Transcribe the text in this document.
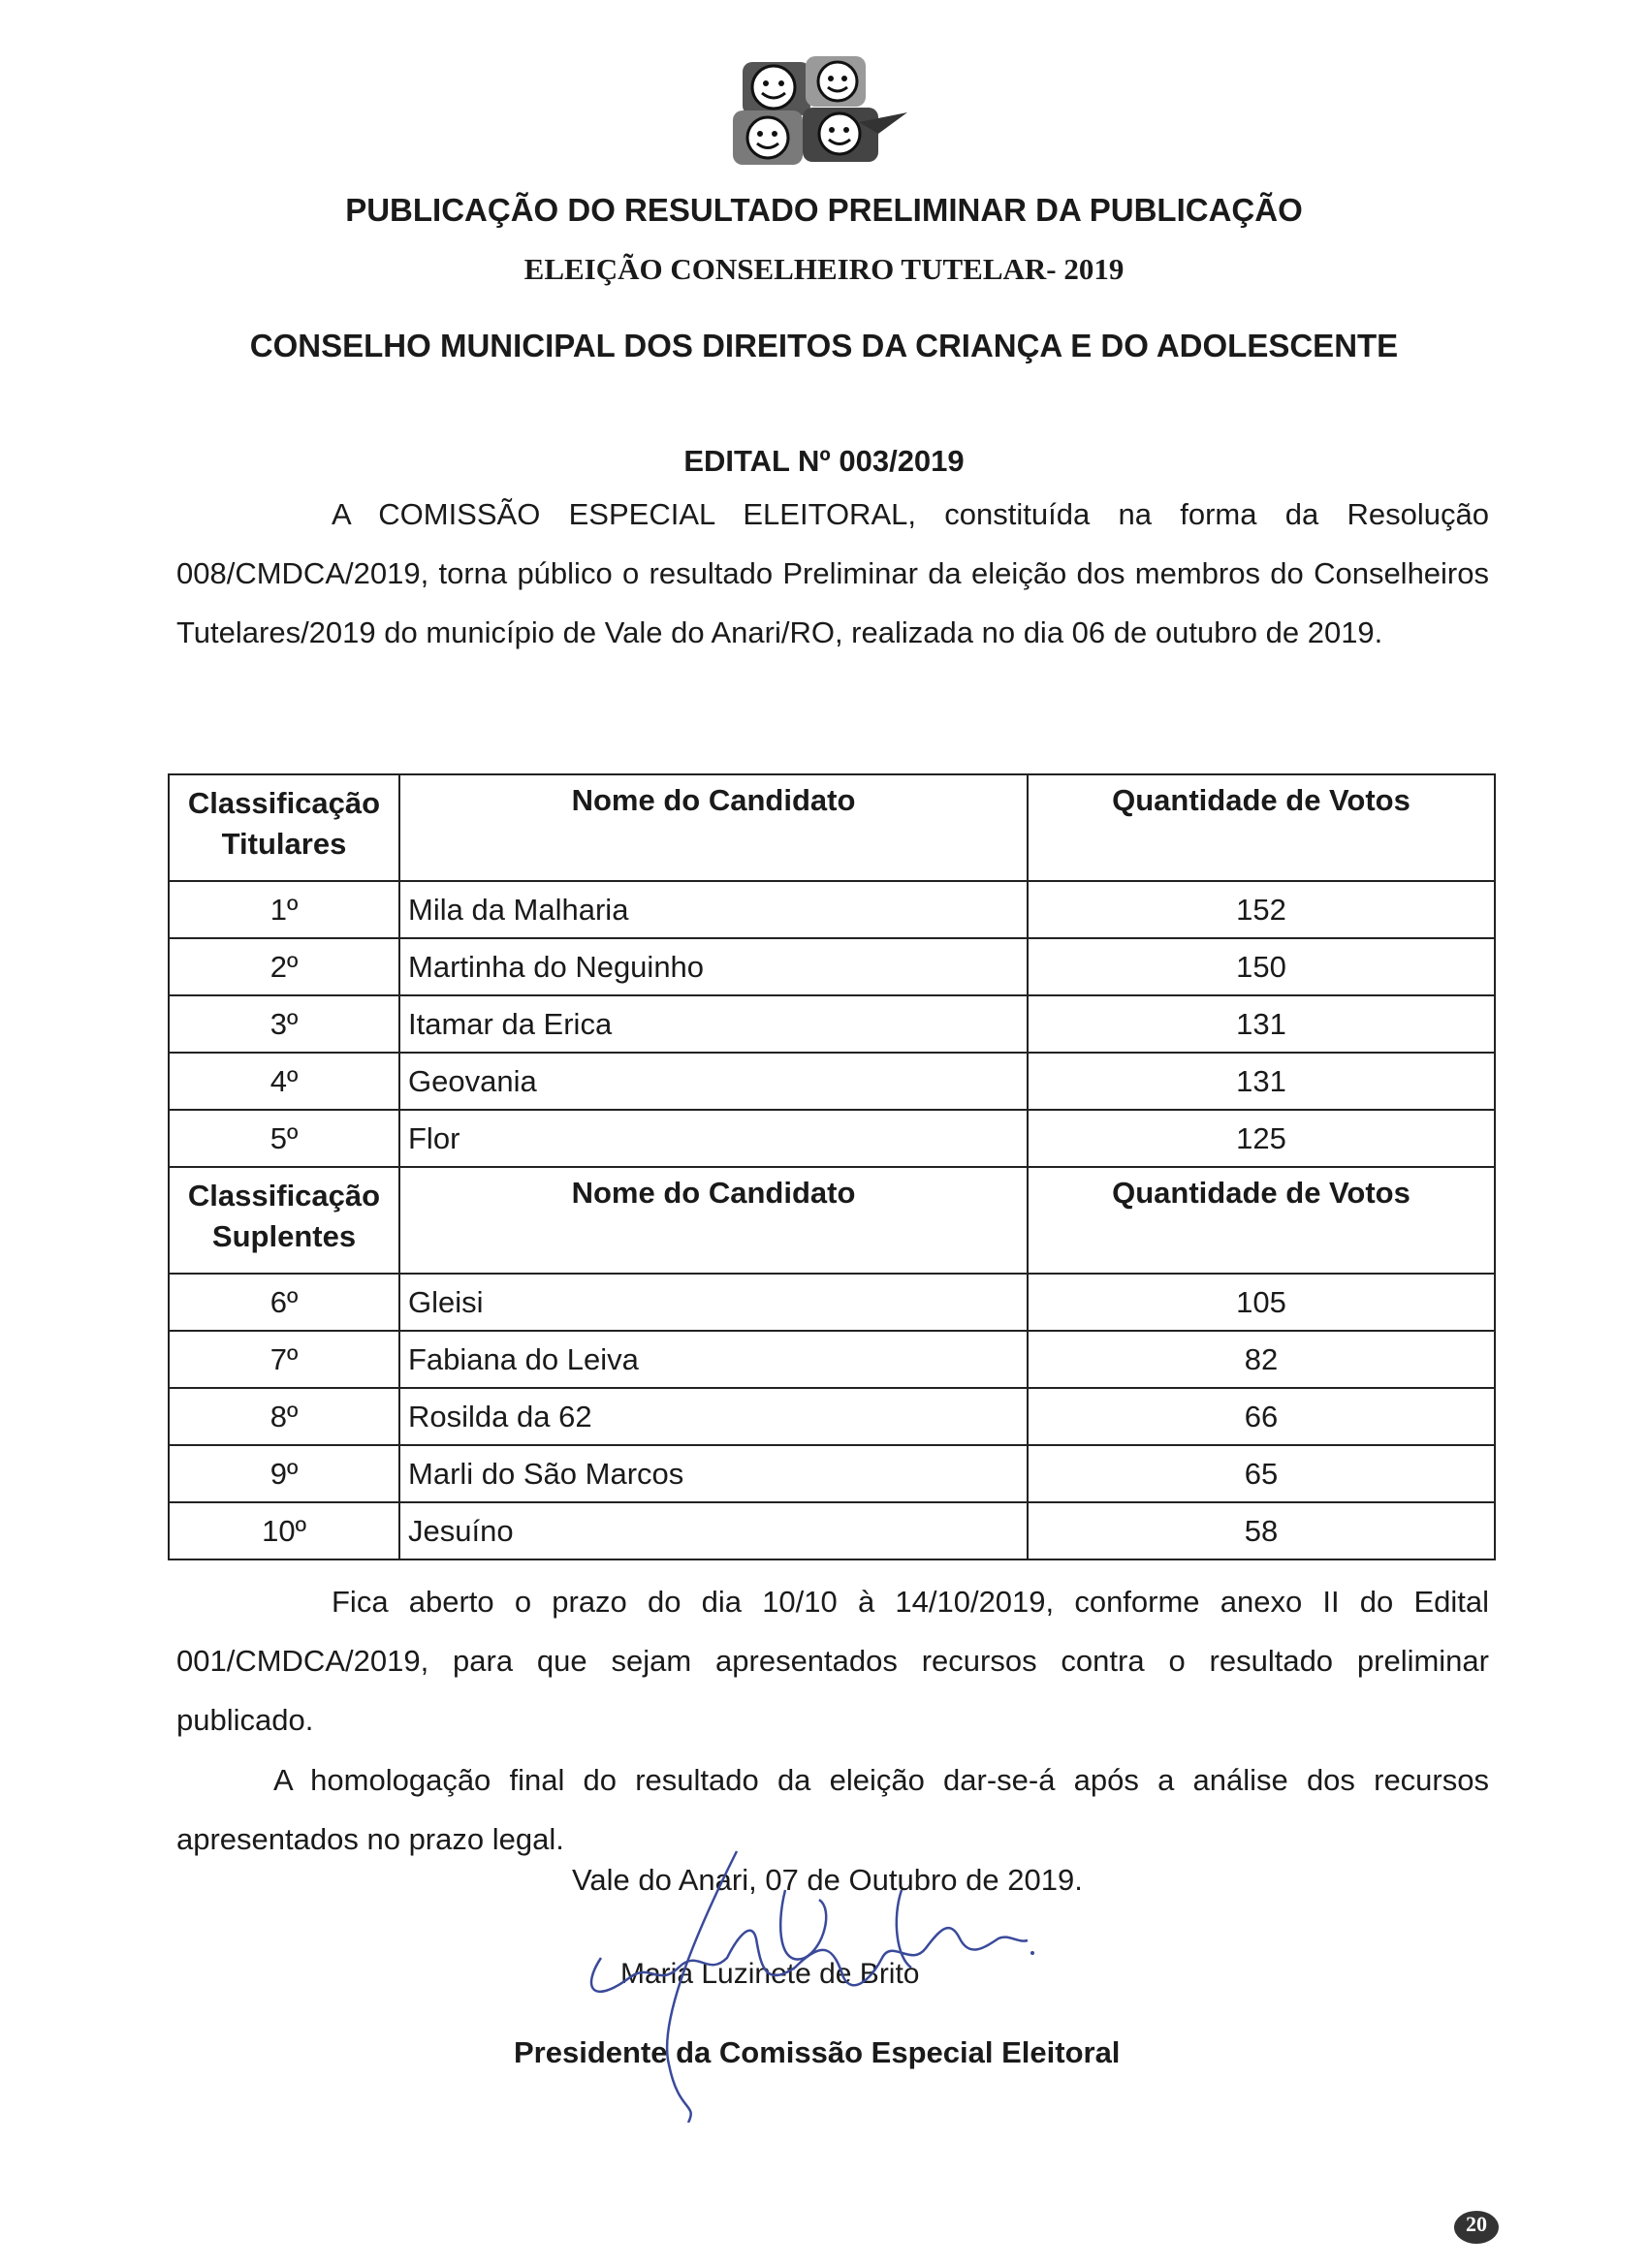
PUBLICAÇÃO DO RESULTADO PRELIMINAR DA PUBLICAÇÃO
ELEIÇÃO CONSELHEIRO TUTELAR- 2019
CONSELHO MUNICIPAL DOS DIREITOS DA CRIANÇA E DO ADOLESCENTE
EDITAL Nº 003/2019
A COMISSÃO ESPECIAL ELEITORAL, constituída na forma da Resolução 008/CMDCA/2019, torna público o resultado Preliminar da eleição dos membros do Conselheiros Tutelares/2019 do município de Vale do Anari/RO, realizada no dia 06 de outubro de 2019.
Classificação
Titulares	Nome do Candidato	Quantidade de Votos
1º	Mila da Malharia	152
2º	Martinha do Neguinho	150
3º	Itamar da Erica	131
4º	Geovania	131
5º	Flor	125

Classificação
Suplentes	Nome do Candidato	Quantidade de Votos
6º	Gleisi	105
7º	Fabiana do Leiva	82
8º	Rosilda da 62	66
9º	Marli do São Marcos	65
10º	Jesuíno	58
Fica aberto o prazo do dia 10/10 à 14/10/2019, conforme anexo II do Edital 001/CMDCA/2019, para que sejam apresentados recursos contra o resultado preliminar publicado.
A homologação final do resultado da eleição dar-se-á após a análise dos recursos apresentados no prazo legal.
Vale do Anari, 07 de Outubro de 2019.
Maria Luzinete de Brito
Presidente da Comissão Especial Eleitoral
20
